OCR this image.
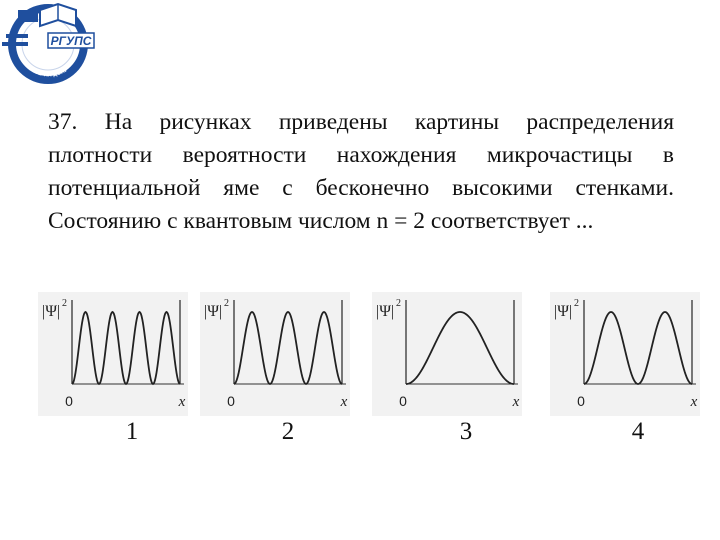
РГУПС
РОСТОВ-НА-ДОНУ
37. На рисунках приведены картины распределения плотности вероятности нахождения микрочастицы в потенциальной яме с бесконечно высокими стенками. Состоянию с квантовым числом n = 2 соответствует ...
|Ψ| 2
0	x
|Ψ| 2
0	x
|Ψ| 2
0	x
|Ψ| 2
0	x
1	2	3	4
